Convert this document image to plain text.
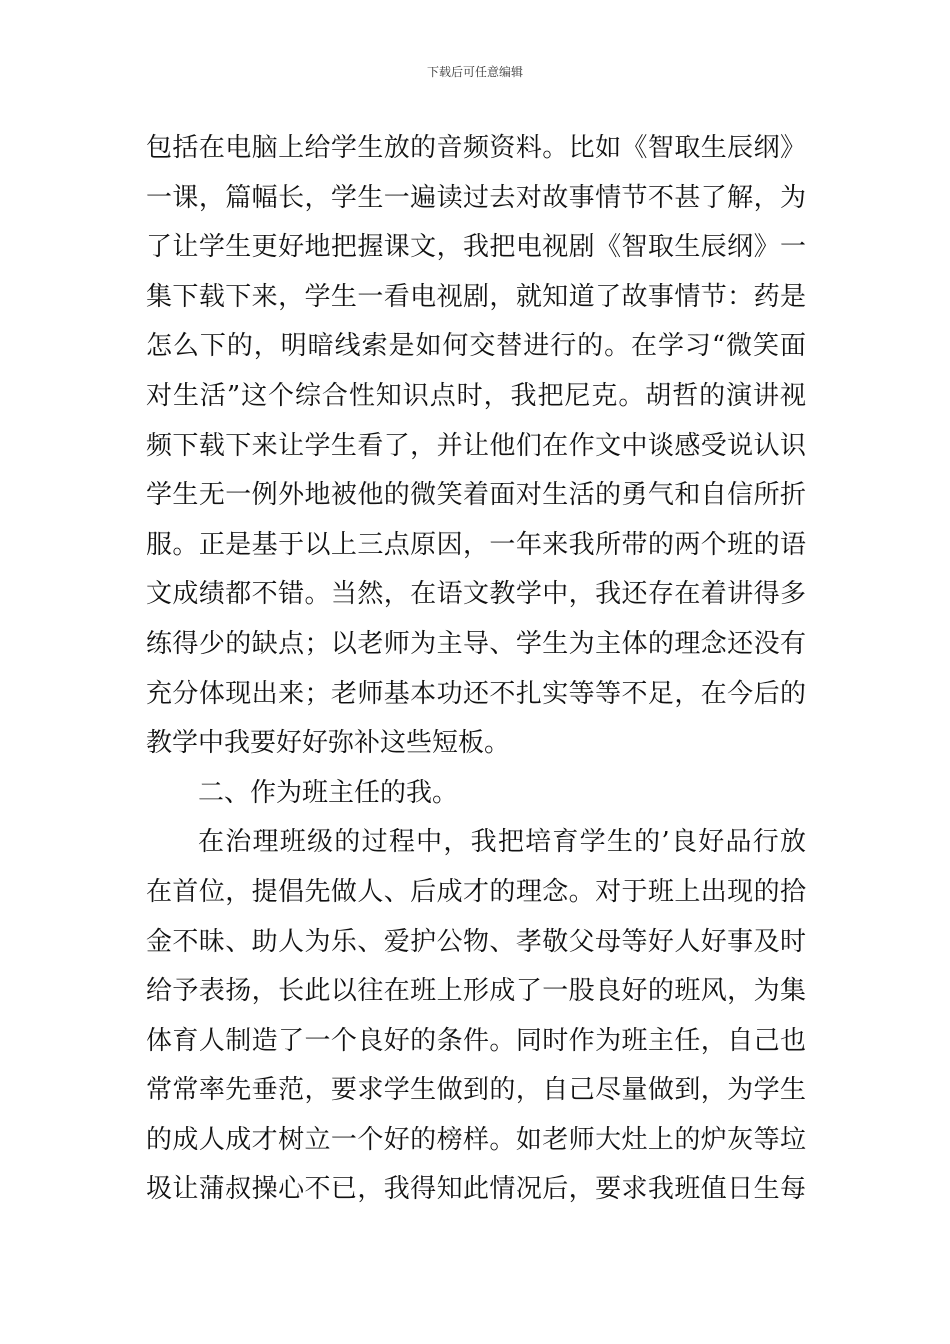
下载后可任意编辑
包括在电脑上给学生放的音频资料。比如《智取生辰纲》
一课，篇幅长，学生一遍读过去对故事情节不甚了解，为
了让学生更好地把握课文，我把电视剧《智取生辰纲》一
集下载下来，学生一看电视剧，就知道了故事情节：药是
怎么下的，明暗线索是如何交替进行的。在学习“微笑面
对生活”这个综合性知识点时，我把尼克。胡哲的演讲视
频下载下来让学生看了，并让他们在作文中谈感受说认识
学生无一例外地被他的微笑着面对生活的勇气和自信所折
服。正是基于以上三点原因，一年来我所带的两个班的语
文成绩都不错。当然，在语文教学中，我还存在着讲得多
练得少的缺点；以老师为主导、学生为主体的理念还没有
充分体现出来；老师基本功还不扎实等等不足，在今后的
教学中我要好好弥补这些短板。
二、作为班主任的我。
在治理班级的过程中，我把培育学生的’良好品行放
在首位，提倡先做人、后成才的理念。对于班上出现的拾
金不昧、助人为乐、爱护公物、孝敬父母等好人好事及时
给予表扬，长此以往在班上形成了一股良好的班风，为集
体育人制造了一个良好的条件。同时作为班主任，自己也
常常率先垂范，要求学生做到的，自己尽量做到，为学生
的成人成才树立一个好的榜样。如老师大灶上的炉灰等垃
圾让蒲叔操心不已，我得知此情况后，要求我班值日生每
